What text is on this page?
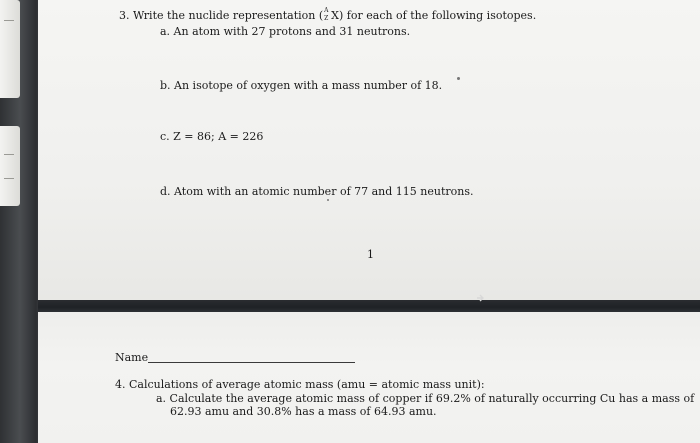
3. Write the nuclide representation ( A
Z X) for each of the following isotopes.
a. An atom with 27 protons and 31 neutrons.
b. An isotope of oxygen with a mass number of 18.
c. Z = 86; A = 226
d. Atom with an atomic number of 77 and 115 neutrons.
1
Name
4. Calculations of average atomic mass (amu = atomic mass unit):
a. Calculate the average atomic mass of copper if 69.2% of naturally occurring Cu has a mass of
62.93 amu and 30.8% has a mass of 64.93 amu.
